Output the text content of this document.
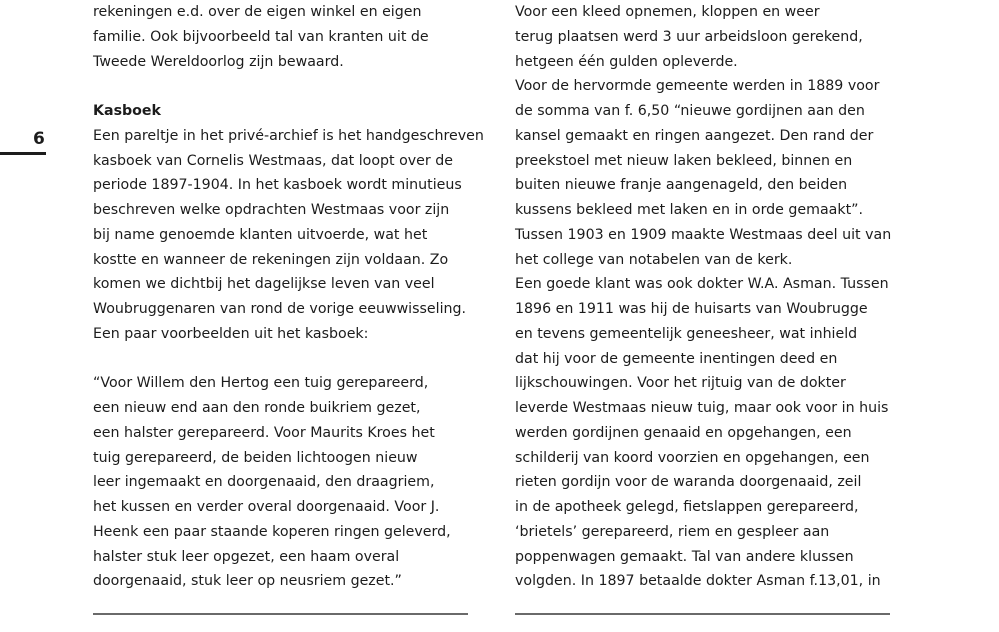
6
rekeningen e.d. over de eigen winkel en eigen
familie. Ook bijvoorbeeld tal van kranten uit de
Tweede Wereldoorlog zijn bewaard.
Kasboek
Een pareltje in het privé-archief is het handgeschreven
kasboek van Cornelis Westmaas, dat loopt over de
periode 1897-1904. In het kasboek wordt minutieus
beschreven welke opdrachten Westmaas voor zijn
bij name genoemde klanten uitvoerde, wat het
kostte en wanneer de rekeningen zijn voldaan. Zo
komen we dichtbij het dagelijkse leven van veel
Woubruggenaren van rond de vorige eeuwwisseling.
Een paar voorbeelden uit het kasboek:
“Voor Willem den Hertog een tuig gerepareerd,
een nieuw end aan den ronde buikriem gezet,
een halster gerepareerd. Voor Maurits Kroes het
tuig gerepareerd, de beiden lichtoogen nieuw
leer ingemaakt en doorgenaaid, den draagriem,
het kussen en verder overal doorgenaaid. Voor J.
Heenk een paar staande koperen ringen geleverd,
halster stuk leer opgezet, een haam overal
doorgenaaid, stuk leer op neusriem gezet.”
Voor een kleed opnemen, kloppen en weer
terug plaatsen werd 3 uur arbeidsloon gerekend,
hetgeen één gulden opleverde.
Voor de hervormde gemeente werden in 1889 voor
de somma van f. 6,50 “nieuwe gordijnen aan den
kansel gemaakt en ringen aangezet. Den rand der
preekstoel met nieuw laken bekleed, binnen en
buiten nieuwe franje aangenageld, den beiden
kussens bekleed met laken en in orde gemaakt”.
Tussen 1903 en 1909 maakte Westmaas deel uit van
het college van notabelen van de kerk.
Een goede klant was ook dokter W.A. Asman. Tussen
1896 en 1911 was hij de huisarts van Woubrugge
en tevens gemeentelijk geneesheer, wat inhield
dat hij voor de gemeente inentingen deed en
lijkschouwingen. Voor het rijtuig van de dokter
leverde Westmaas nieuw tuig, maar ook voor in huis
werden gordijnen genaaid en opgehangen, een
schilderij van koord voorzien en opgehangen, een
rieten gordijn voor de waranda doorgenaaid, zeil
in de apotheek gelegd, fietslappen gerepareerd,
‘brietels’ gerepareerd, riem en gespleer aan
poppenwagen gemaakt. Tal van andere klussen
volgden. In 1897 betaalde dokter Asman f.13,01, in
